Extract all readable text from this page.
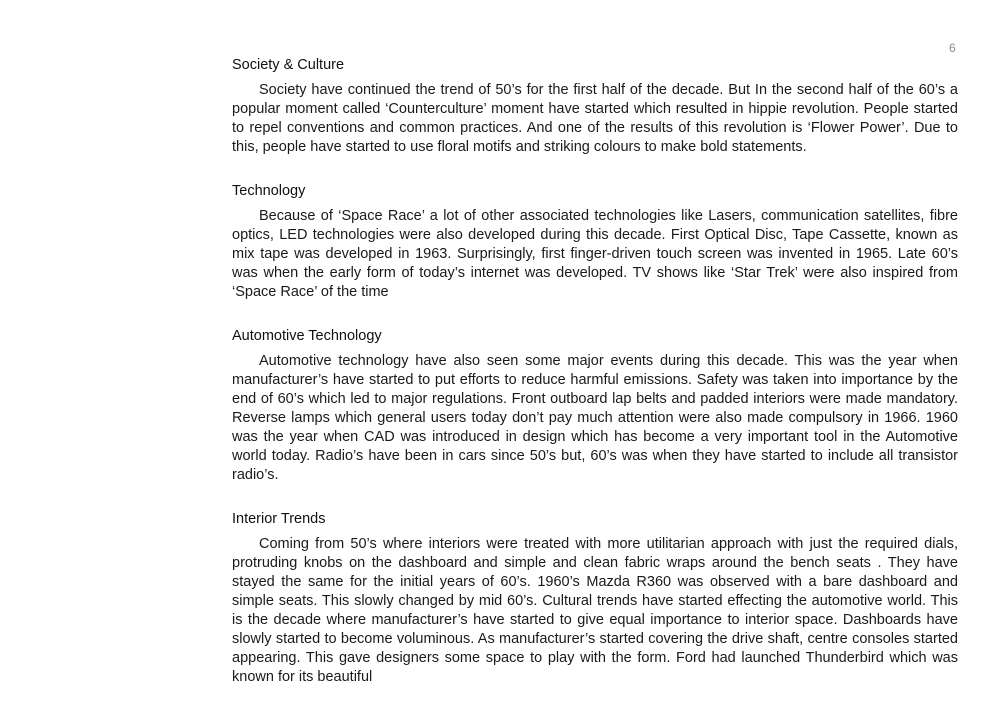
6
Society & Culture

Society have continued the trend of 50’s for the first half of the decade. But In the second half of the 60’s a popular moment called ‘Counterculture’ moment have started which resulted in hippie revolution. People started to repel conventions and common practices. And one of the results of this revolution is ‘Flower Power’. Due to this, people have started to use floral motifs and striking colours to make bold statements.

Technology

Because of ‘Space Race’ a lot of other associated technologies like Lasers, communication satellites, fibre optics, LED technologies were also developed during this decade. First Optical Disc, Tape Cassette, known as mix tape was developed in 1963. Surprisingly, first finger-driven touch screen was invented in 1965. Late 60’s was when the early form of today’s internet was developed. TV shows like ‘Star Trek’ were also inspired from ‘Space Race’ of the time

Automotive Technology

Automotive technology have also seen some major events during this decade. This was the year when manufacturer’s have started to put efforts to reduce harmful emissions. Safety was taken into importance by the end of 60’s which led to major regulations. Front outboard lap belts and padded interiors were made mandatory. Reverse lamps which general users today don’t pay much attention were also made compulsory in 1966. 1960 was the year when CAD was introduced in design which has become a very important tool in the Automotive world today. Radio’s have been in cars since 50’s but, 60’s was when they have started to include all transistor radio’s.

Interior Trends

Coming from 50’s where interiors were treated with more utilitarian approach with just the required dials, protruding knobs on the dashboard and simple and clean fabric wraps around the bench seats . They have stayed the same for the initial years of 60’s. 1960’s Mazda R360 was observed with a bare dashboard and simple seats. This slowly changed by mid 60’s. Cultural trends have started effecting the automotive world. This is the decade where manufacturer’s have started to give equal importance to interior space. Dashboards have slowly started to become voluminous. As manufacturer’s started covering the drive shaft, centre consoles started appearing. This gave designers some space to play with the form. Ford had launched Thunderbird which was known for its beautiful
